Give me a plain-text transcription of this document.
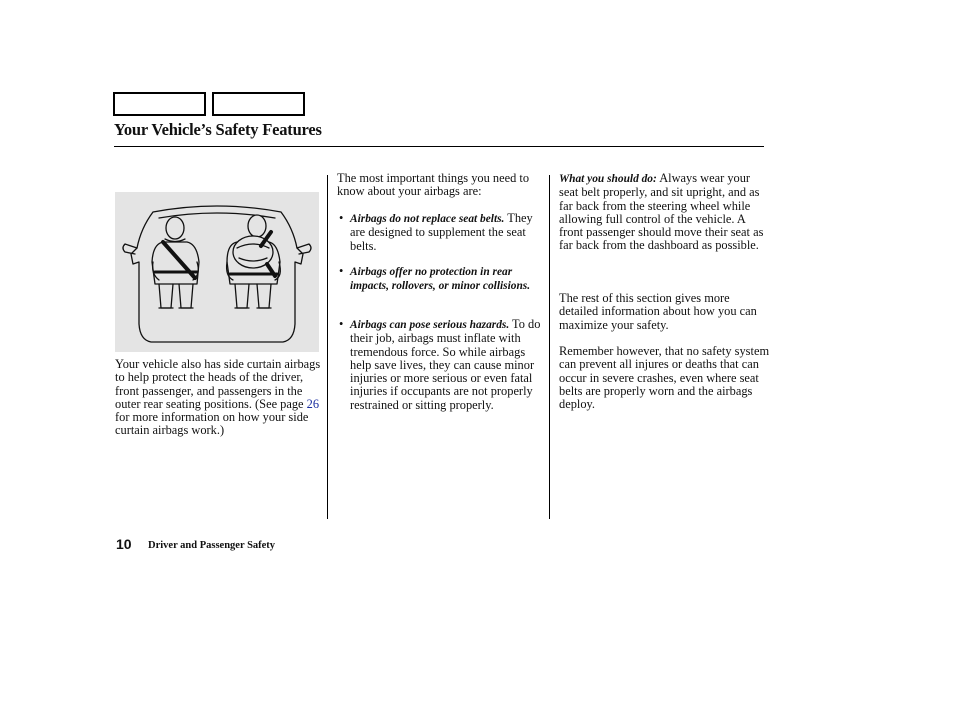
Your Vehicle’s Safety Features

Your vehicle also has side curtain airbags to help protect the heads of the driver, front passenger, and passengers in the outer rear seating positions. (See page 26 for more information on how your side curtain airbags work.)

The most important things you need to know about your airbags are:
• Airbags do not replace seat belts. They are designed to supplement the seat belts.
• Airbags offer no protection in rear impacts, rollovers, or minor collisions.
• Airbags can pose serious hazards. To do their job, airbags must inflate with tremendous force. So while airbags help save lives, they can cause minor injuries or more serious or even fatal injuries if occupants are not properly restrained or sitting properly.
What you should do: Always wear your seat belt properly, and sit upright, and as far back from the steering wheel while allowing full control of the vehicle. A front passenger should move their seat as far back from the dashboard as possible.
The rest of this section gives more detailed information about how you can maximize your safety.
Remember however, that no safety system can prevent all injures or deaths that can occur in severe crashes, even where seat belts are properly worn and the airbags deploy.
10 Driver and Passenger Safety
